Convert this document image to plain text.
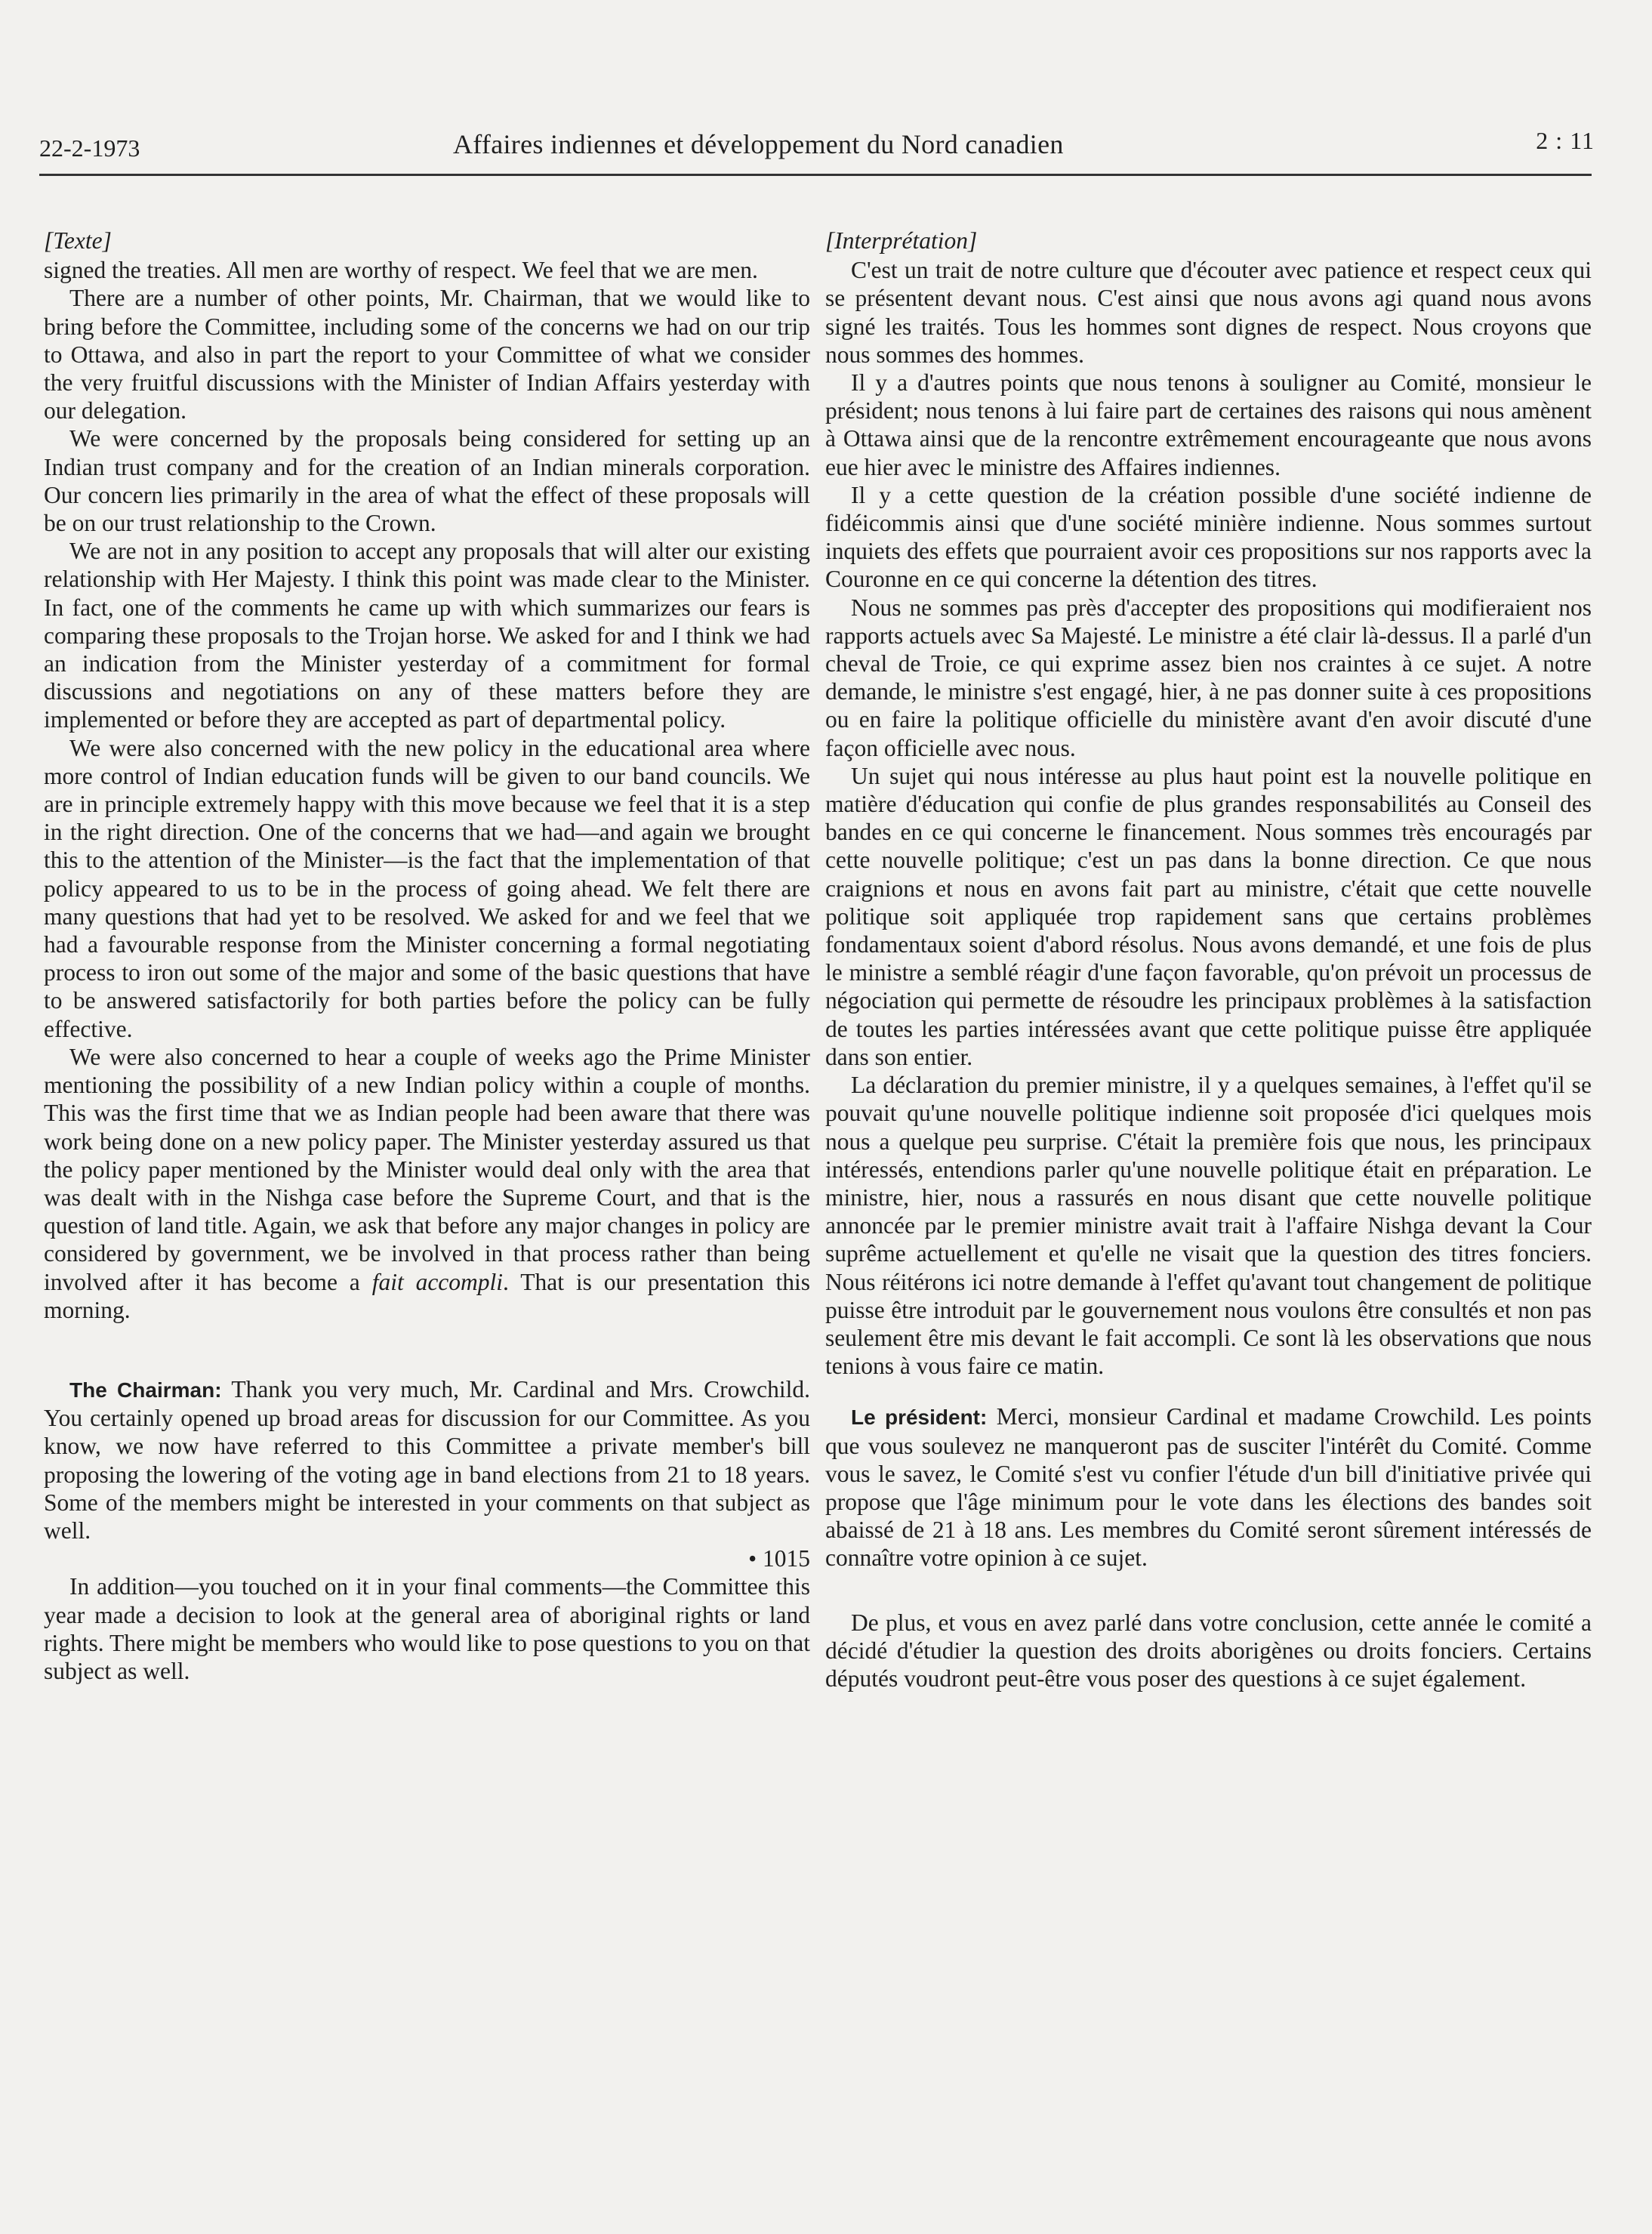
22-2-1973	Affaires indiennes et développement du Nord canadien	2 : 11
[Texte]

signed the treaties. All men are worthy of respect. We feel that we are men.

There are a number of other points, Mr. Chairman, that we would like to bring before the Committee, including some of the concerns we had on our trip to Ottawa, and also in part the report to your Committee of what we consider the very fruitful discussions with the Minister of Indian Affairs yesterday with our delegation.

We were concerned by the proposals being considered for setting up an Indian trust company and for the creation of an Indian minerals corporation. Our concern lies primarily in the area of what the effect of these proposals will be on our trust relationship to the Crown.

We are not in any position to accept any proposals that will alter our existing relationship with Her Majesty. I think this point was made clear to the Minister. In fact, one of the comments he came up with which summarizes our fears is comparing these proposals to the Trojan horse. We asked for and I think we had an indication from the Minister yesterday of a commitment for formal discussions and negotiations on any of these matters before they are implemented or before they are accepted as part of departmental policy.

We were also concerned with the new policy in the educational area where more control of Indian education funds will be given to our band councils. We are in principle extremely happy with this move because we feel that it is a step in the right direction. One of the concerns that we had—and again we brought this to the attention of the Minister—is the fact that the implementation of that policy appeared to us to be in the process of going ahead. We felt there are many questions that had yet to be resolved. We asked for and we feel that we had a favourable response from the Minister concerning a formal negotiating process to iron out some of the major and some of the basic questions that have to be answered satisfactorily for both parties before the policy can be fully effective.

We were also concerned to hear a couple of weeks ago the Prime Minister mentioning the possibility of a new Indian policy within a couple of months. This was the first time that we as Indian people had been aware that there was work being done on a new policy paper. The Minister yesterday assured us that the policy paper mentioned by the Minister would deal only with the area that was dealt with in the Nishga case before the Supreme Court, and that is the question of land title. Again, we ask that before any major changes in policy are considered by government, we be involved in that process rather than being involved after it has become a fait accompli. That is our presentation this morning.

The Chairman: Thank you very much, Mr. Cardinal and Mrs. Crowchild. You certainly opened up broad areas for discussion for our Committee. As you know, we now have referred to this Committee a private member's bill proposing the lowering of the voting age in band elections from 21 to 18 years. Some of the members might be interested in your comments on that subject as well.

• 1015

In addition—you touched on it in your final comments—the Committee this year made a decision to look at the general area of aboriginal rights or land rights. There might be members who would like to pose questions to you on that subject as well.

[Interprétation]

C'est un trait de notre culture que d'écouter avec patience et respect ceux qui se présentent devant nous. C'est ainsi que nous avons agi quand nous avons signé les traités. Tous les hommes sont dignes de respect. Nous croyons que nous sommes des hommes.

Il y a d'autres points que nous tenons à souligner au Comité, monsieur le président; nous tenons à lui faire part de certaines des raisons qui nous amènent à Ottawa ainsi que de la rencontre extrêmement encourageante que nous avons eue hier avec le ministre des Affaires indiennes.

Il y a cette question de la création possible d'une société indienne de fidéicommis ainsi que d'une société minière indienne. Nous sommes surtout inquiets des effets que pourraient avoir ces propositions sur nos rapports avec la Couronne en ce qui concerne la détention des titres.

Nous ne sommes pas près d'accepter des propositions qui modifieraient nos rapports actuels avec Sa Majesté. Le ministre a été clair là-dessus. Il a parlé d'un cheval de Troie, ce qui exprime assez bien nos craintes à ce sujet. A notre demande, le ministre s'est engagé, hier, à ne pas donner suite à ces propositions ou en faire la politique officielle du ministère avant d'en avoir discuté d'une façon officielle avec nous.

Un sujet qui nous intéresse au plus haut point est la nouvelle politique en matière d'éducation qui confie de plus grandes responsabilités au Conseil des bandes en ce qui concerne le financement. Nous sommes très encouragés par cette nouvelle politique; c'est un pas dans la bonne direction. Ce que nous craignions et nous en avons fait part au ministre, c'était que cette nouvelle politique soit appliquée trop rapidement sans que certains problèmes fondamentaux soient d'abord résolus. Nous avons demandé, et une fois de plus le ministre a semblé réagir d'une façon favorable, qu'on prévoit un processus de négociation qui permette de résoudre les principaux problèmes à la satisfaction de toutes les parties intéressées avant que cette politique puisse être appliquée dans son entier.

La déclaration du premier ministre, il y a quelques semaines, à l'effet qu'il se pouvait qu'une nouvelle politique indienne soit proposée d'ici quelques mois nous a quelque peu surprise. C'était la première fois que nous, les principaux intéressés, entendions parler qu'une nouvelle politique était en préparation. Le ministre, hier, nous a rassurés en nous disant que cette nouvelle politique annoncée par le premier ministre avait trait à l'affaire Nishga devant la Cour suprême actuellement et qu'elle ne visait que la question des titres fonciers. Nous réitérons ici notre demande à l'effet qu'avant tout changement de politique puisse être introduit par le gouvernement nous voulons être consultés et non pas seulement être mis devant le fait accompli. Ce sont là les observations que nous tenions à vous faire ce matin.

Le président: Merci, monsieur Cardinal et madame Crowchild. Les points que vous soulevez ne manqueront pas de susciter l'intérêt du Comité. Comme vous le savez, le Comité s'est vu confier l'étude d'un bill d'initiative privée qui propose que l'âge minimum pour le vote dans les élections des bandes soit abaissé de 21 à 18 ans. Les membres du Comité seront sûrement intéressés de connaître votre opinion à ce sujet.

De plus, et vous en avez parlé dans votre conclusion, cette année le comité a décidé d'étudier la question des droits aborigènes ou droits fonciers. Certains députés voudront peut-être vous poser des questions à ce sujet également.
